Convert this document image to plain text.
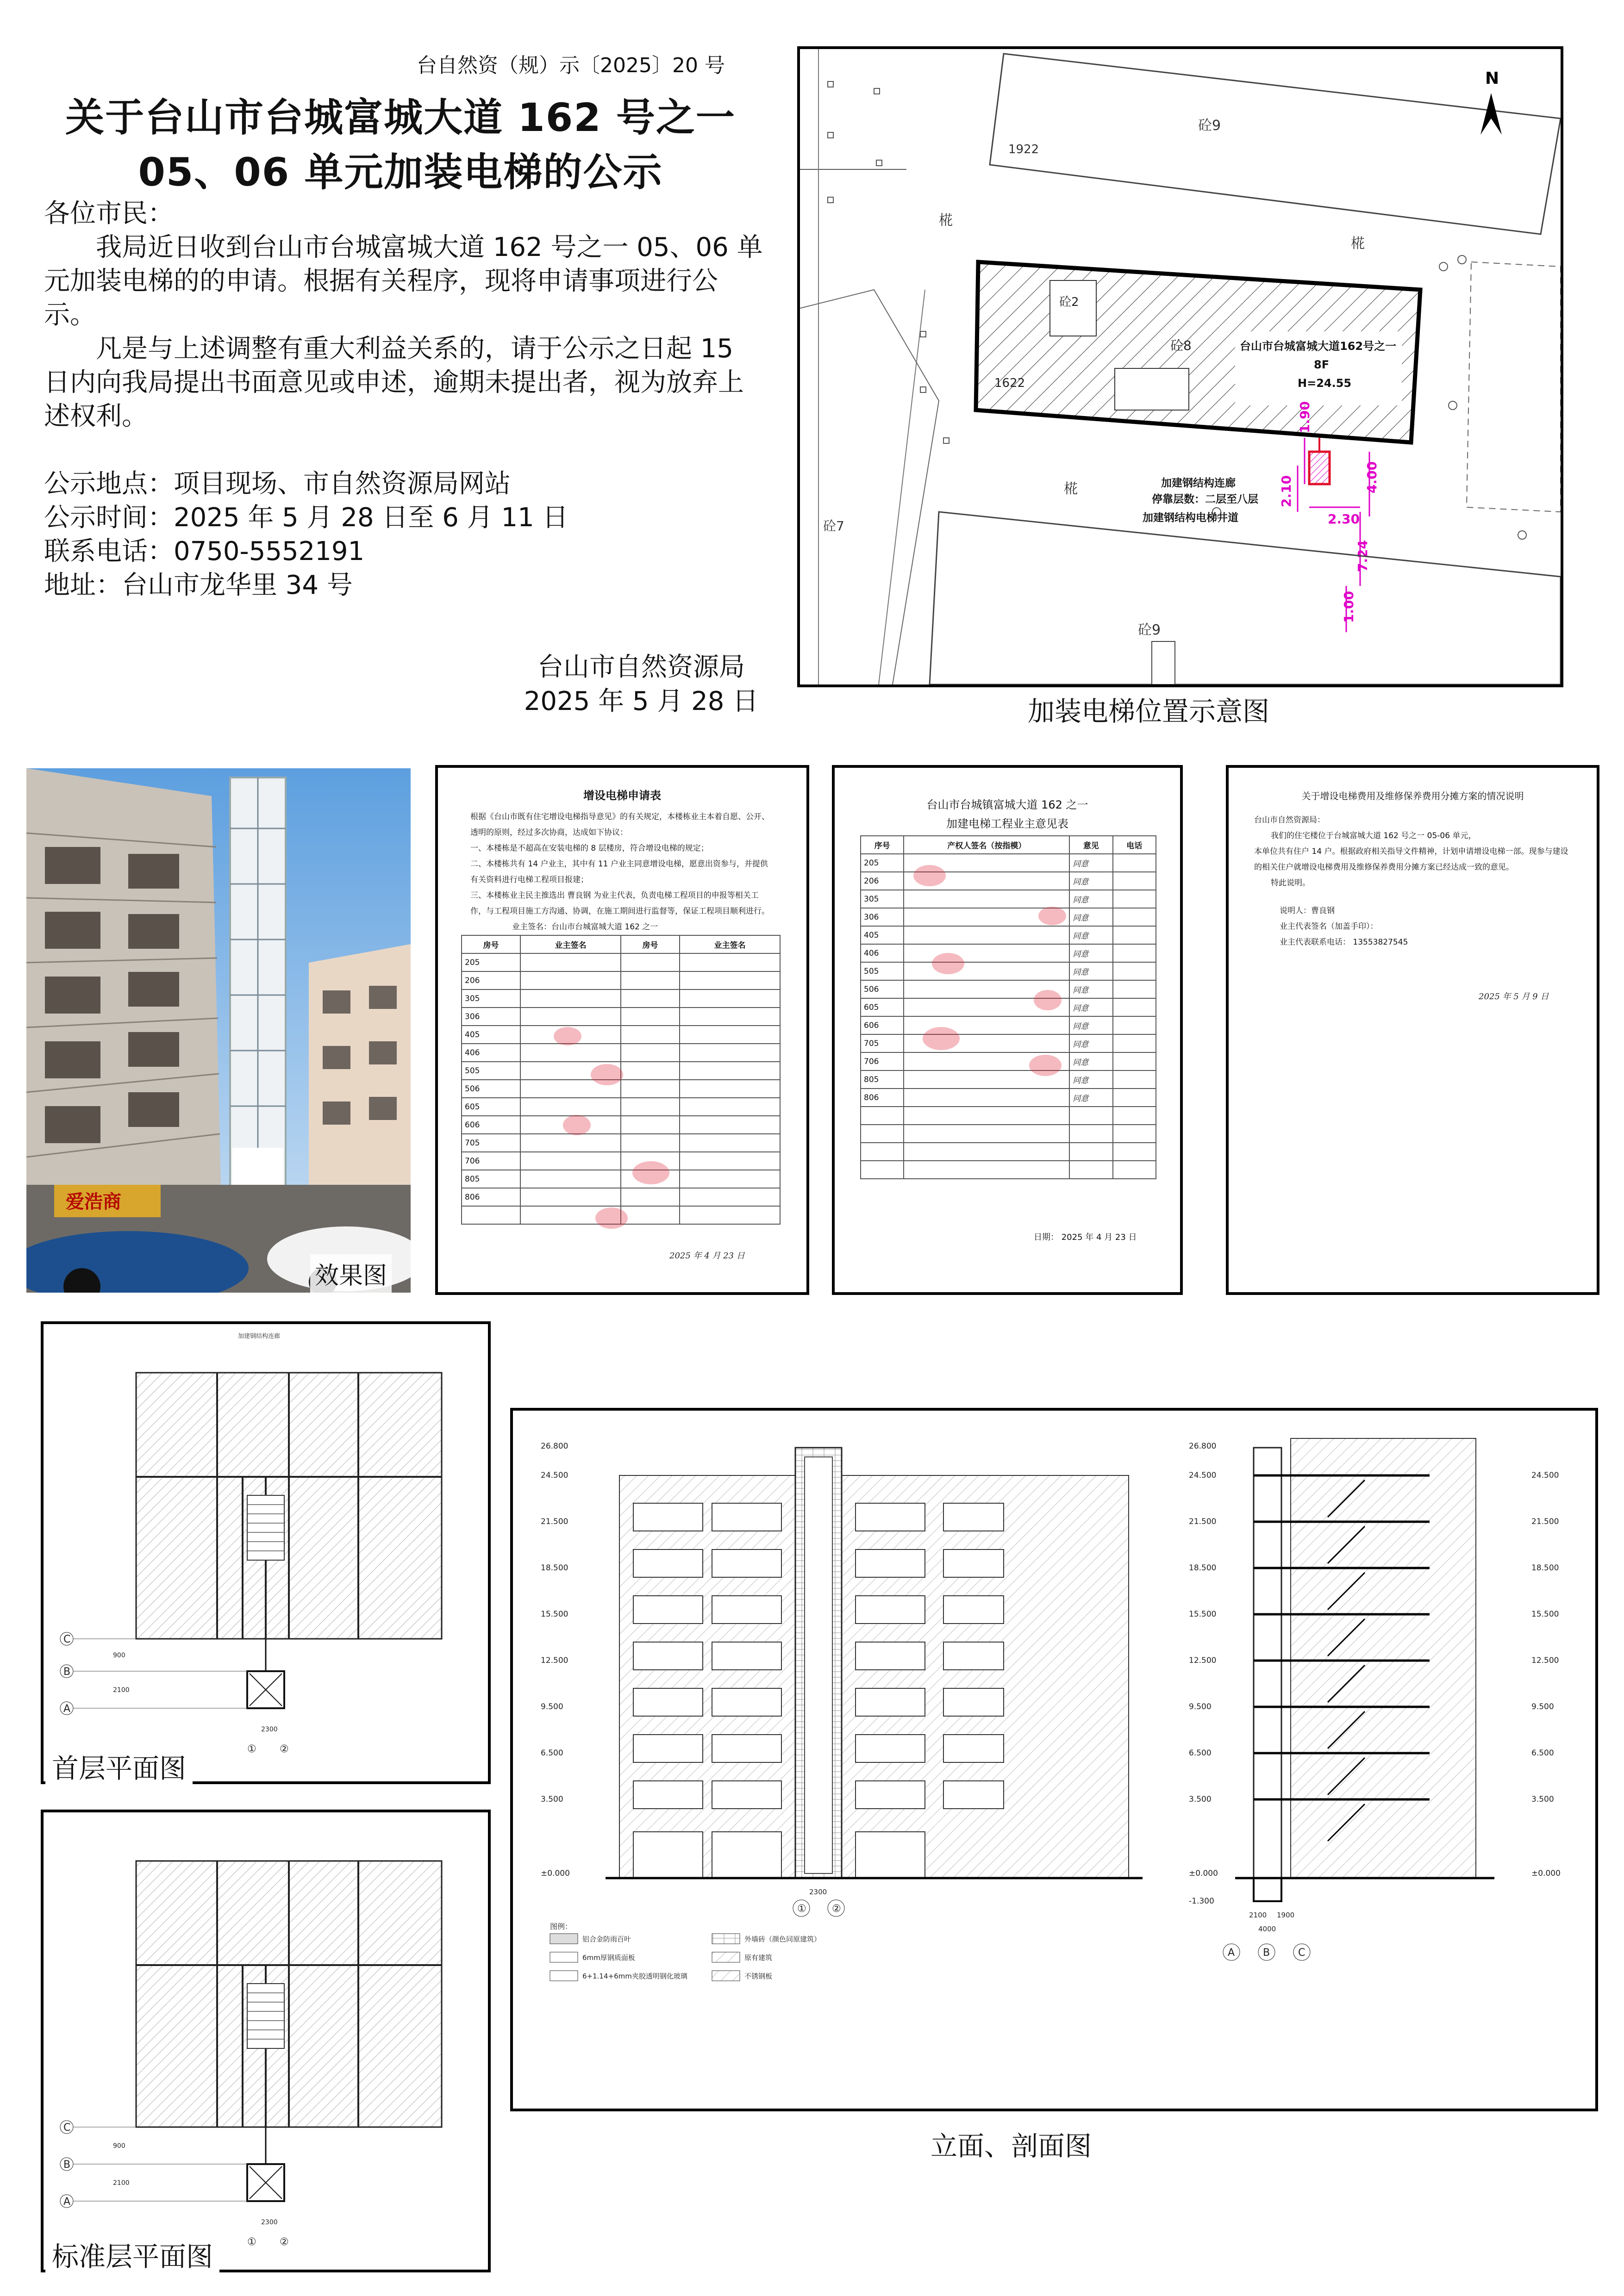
台自然资（规）示〔2025〕20 号
关于台山市台城富城大道 162 号之一
05、06 单元加装电梯的公示

各位市民：

我局近日收到台山市台城富城大道 162 号之一 05、06 单元加装电梯的的申请。根据有关程序，现将申请事项进行公示。

凡是与上述调整有重大利益关系的，请于公示之日起 15 日内向我局提出书面意见或申述，逾期未提出者，视为放弃上述权利。

公示地点：项目现场、市自然资源局网站

公示时间：2025 年 5 月 28 日至 6 月 11 日

联系电话：0750-5552191

地址：台山市龙华里 34 号

台山市自然资源局
2025 年 5 月 28 日
砼9
1922
椛
椛
椛
砼2
砼8
1622
台山市台城富城大道162号之一
8F
H=24.55
1.90
2.10
2.30
4.00
7.24
1.00
加建钢结构连廊
停靠层数：二层至八层
加建钢结构电梯井道
砼9
砼7
N
加装电梯位置示意图
爱浩商
效果图
增设电梯申请表
根据《台山市既有住宅增设电梯指导意见》的有关规定，本楼栋业主本着自愿、公开、透明的原则，经过多次协商，达成如下协议：
一、本楼栋是不超高在安装电梯的 8 层楼房，符合增设电梯的规定；
二、本楼栋共有 14 户业主，其中有 11 户业主同意增设电梯，愿意出资参与，并提供有关资料进行电梯工程项目报建；
三、本楼栋业主民主推选出 曹良钢 为业主代表，负责电梯工程项目的申报等相关工作，与工程项目施工方沟通、协调，在施工期间进行监督等，保证工程项目顺利进行。
业主签名：台山市台城富城大道 162 之一
房号	业主签名	房号	业主签名
205			
206			
305			
306			
405			
406			
505			
506			
605			
606			
705			
706			
805			
806			

2025 年 4 月 23 日
台山市台城镇富城大道 162 之一
加建电梯工程业主意见表
序号	产权人签名（按指模）	意见	电话
205		同意	
206		同意	
305		同意	
306		同意	
405		同意	
406		同意	
505		同意	
506		同意	
605		同意	
606		同意	
705		同意	
706		同意	
805		同意	
806		同意	

日期： 2025 年 4 月 23 日
关于增设电梯费用及维修保养费用分摊方案的情况说明
台山市自然资源局：
我们的住宅楼位于台城富城大道 162 号之一 05-06 单元，
本单位共有住户 14 户。根据政府相关指导文件精神，计划申请增设电梯一部。现参与建设的相关住户就增设电梯费用及维修保养费用分摊方案已经达成一致的意见。
特此说明。
说明人：曹良钢
业主代表签名（加盖手印）：
业主代表联系电话： 13553827545
2025 年 5 月 9 日
加建钢结构连廊
C
B
A
① ②
900
2100
2300
首层平面图
C
B
A
① ②
900
2100
2300
标准层平面图
26.800
24.500
21.500
18.500
15.500
12.500
9.500
6.500
3.500
±0.000
①	②
2300
26.800
24.500
21.500
18.500
15.500
12.500
9.500
6.500
3.500
±0.000
-1.300
24.500
21.500
18.500
15.500
12.500
9.500
6.500
3.500
±0.000
2100 1900
4000
A	B	C
图例：
铝合金防雨百叶	外墙砖（颜色同原建筑）
6mm厚钢质面板	原有建筑
6+1.14+6mm夹胶透明钢化玻璃	不锈钢板
立面、剖面图
